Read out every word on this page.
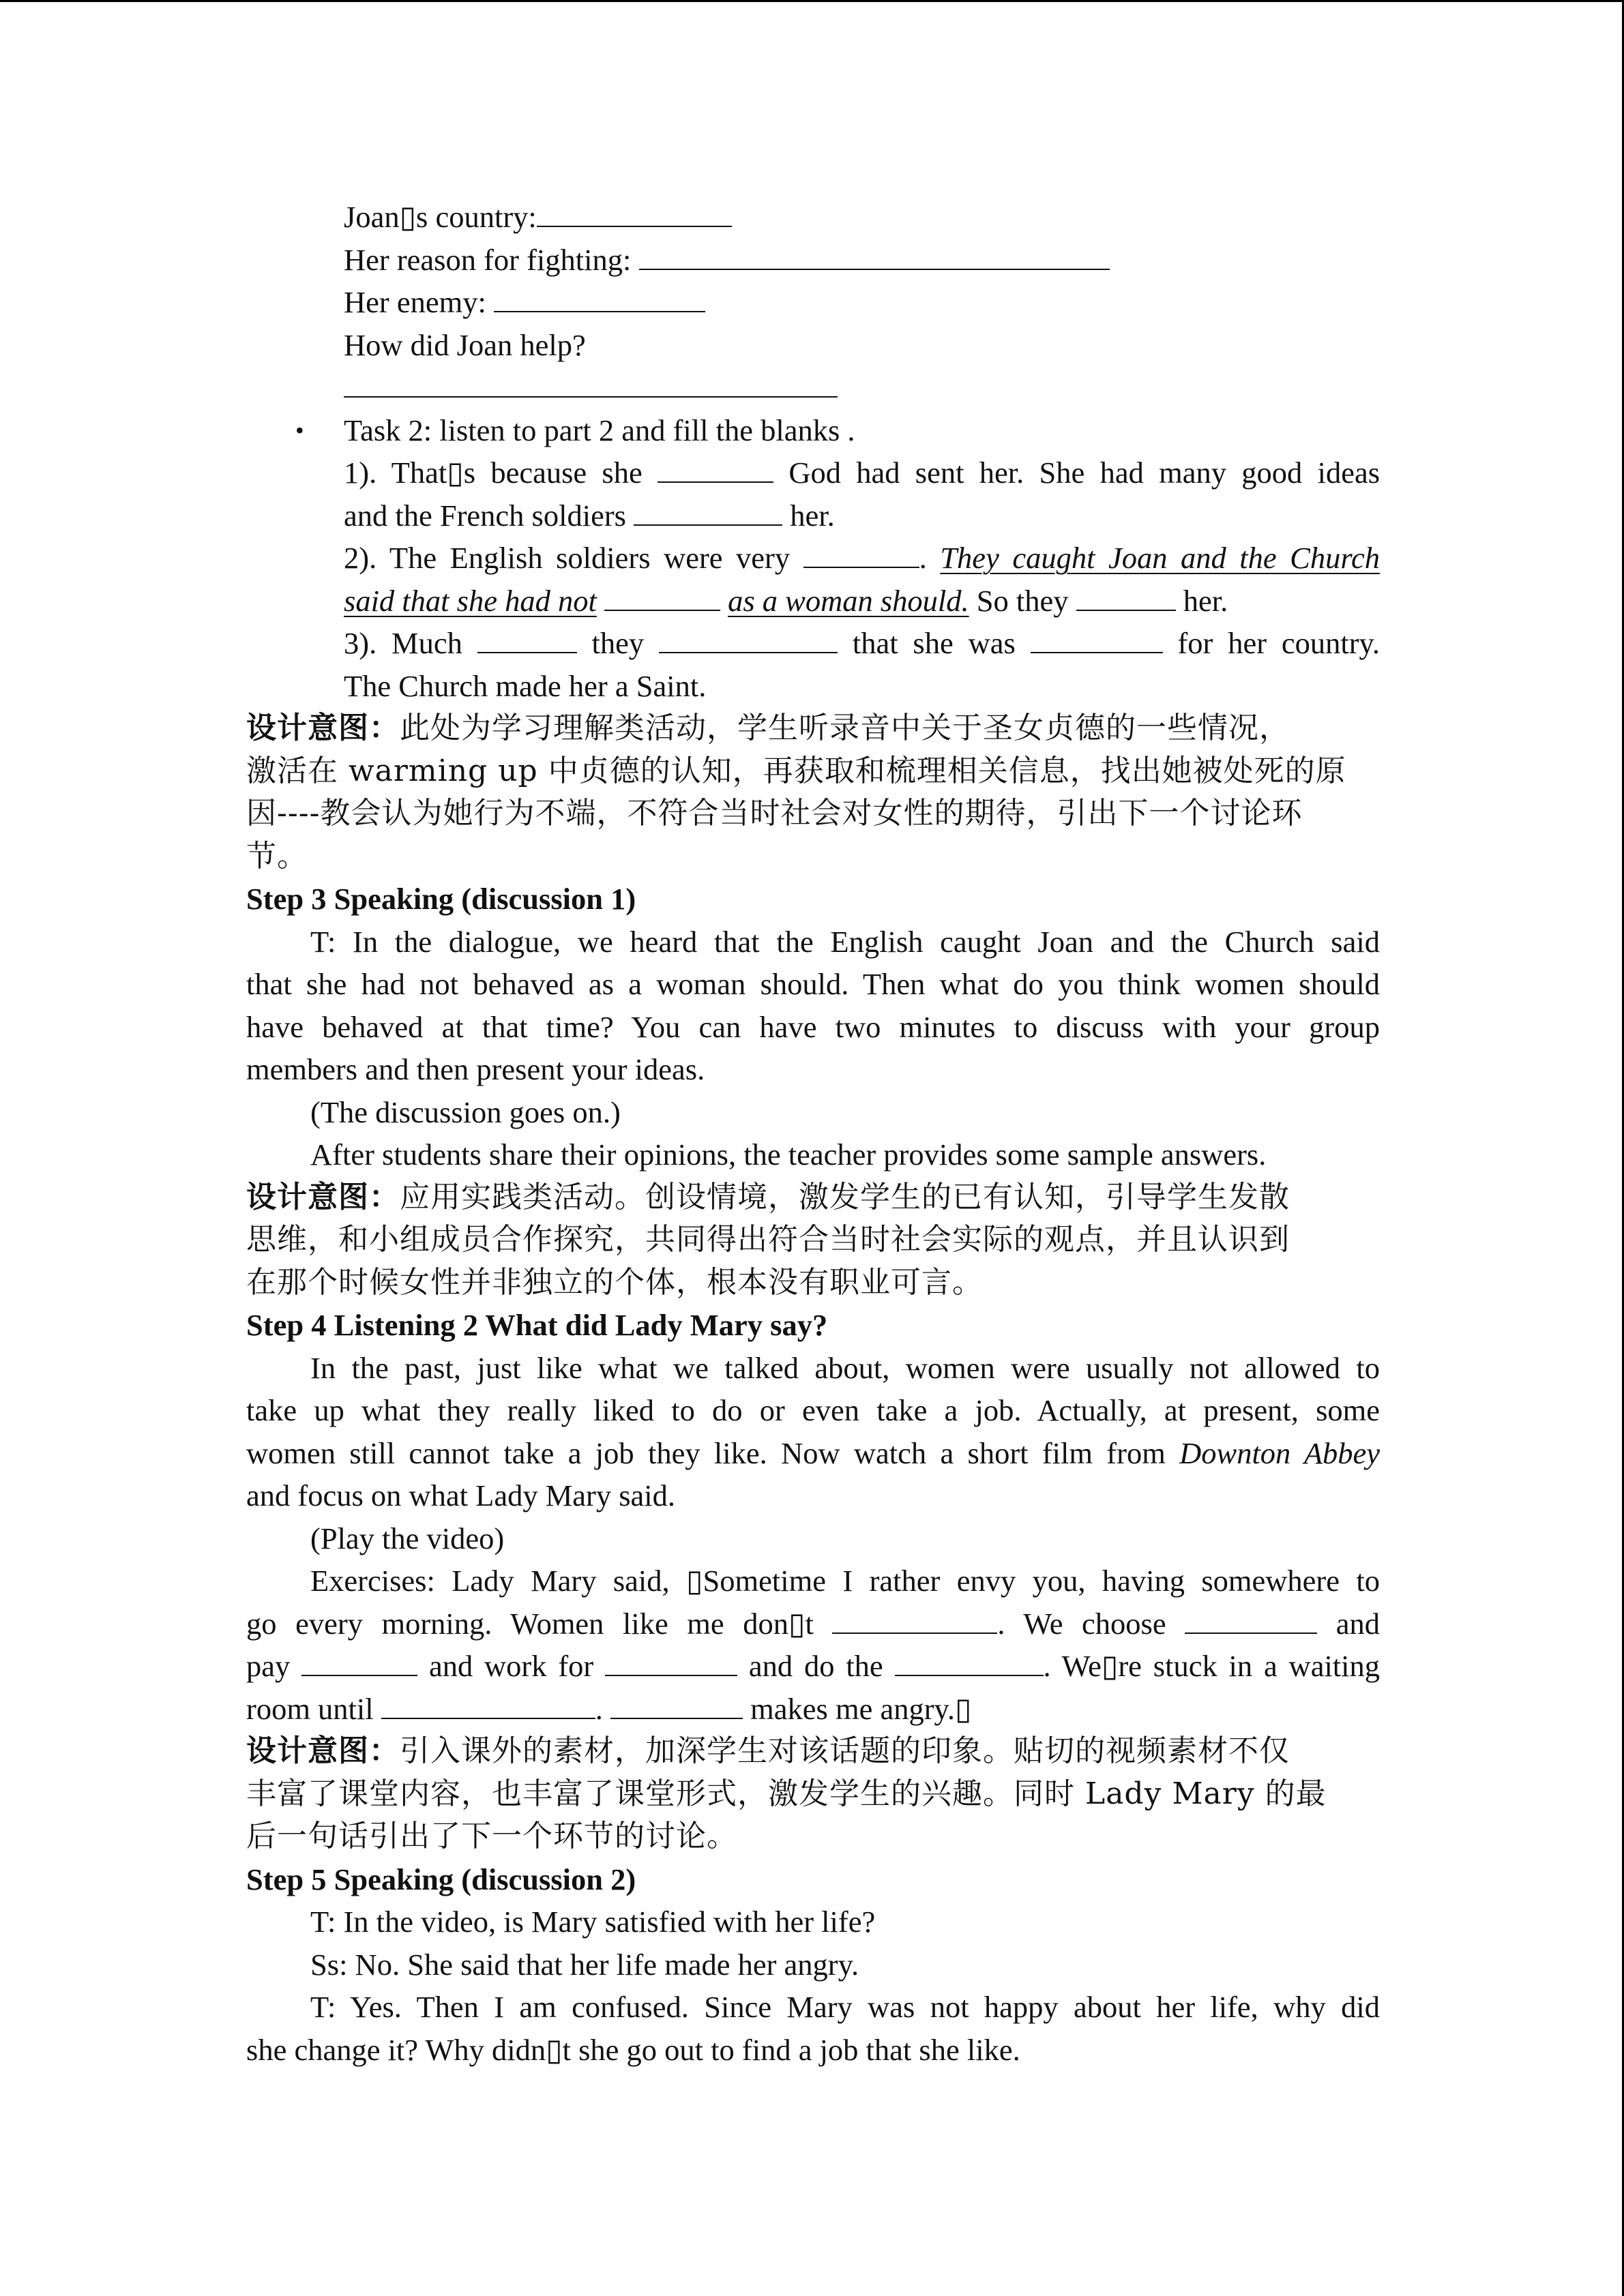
Joan▯s country:
Her reason for fighting:
Her enemy:
How did Joan help?
• Task 2: listen to part 2 and fill the blanks .
1). That▯s because she	God had sent her. She had many good ideas
and the French soldiers	her.
2). The English soldiers were very	. They caught Joan and the Church
said that she had not	as a woman should. So they	her.
3). Much	they	that she was	for her country.
The Church made her a Saint.
设计意图：此处为学习理解类活动，学生听录音中关于圣女贞德的一些情况，
激活在 warming up 中贞德的认知，再获取和梳理相关信息，找出她被处死的原
因----教会认为她行为不端，不符合当时社会对女性的期待，引出下一个讨论环
节。
Step 3 Speaking (discussion 1)
T: In the dialogue, we heard that the English caught Joan and the Church said
that she had not behaved as a woman should. Then what do you think women should
have behaved at that time? You can have two minutes to discuss with your group
members and then present your ideas.
(The discussion goes on.)
After students share their opinions, the teacher provides some sample answers.
设计意图：应用实践类活动。创设情境，激发学生的已有认知，引导学生发散
思维，和小组成员合作探究，共同得出符合当时社会实际的观点，并且认识到
在那个时候女性并非独立的个体，根本没有职业可言。
Step 4 Listening 2 What did Lady Mary say?
In the past, just like what we talked about, women were usually not allowed to
take up what they really liked to do or even take a job. Actually, at present, some
women still cannot take a job they like. Now watch a short film from Downton Abbey
and focus on what Lady Mary said.
(Play the video)
Exercises: Lady Mary said, ▯Sometime I rather envy you, having somewhere to
go every morning. Women like me don▯t	. We choose	and
pay	and work for	and do the	. We▯re stuck in a waiting
room until	.	makes me angry.▯
设计意图：引入课外的素材，加深学生对该话题的印象。贴切的视频素材不仅
丰富了课堂内容，也丰富了课堂形式，激发学生的兴趣。同时 Lady Mary 的最
后一句话引出了下一个环节的讨论。
Step 5 Speaking (discussion 2)
T: In the video, is Mary satisfied with her life?
Ss: No. She said that her life made her angry.
T: Yes. Then I am confused. Since Mary was not happy about her life, why did
she change it? Why didn▯t she go out to find a job that she like.
